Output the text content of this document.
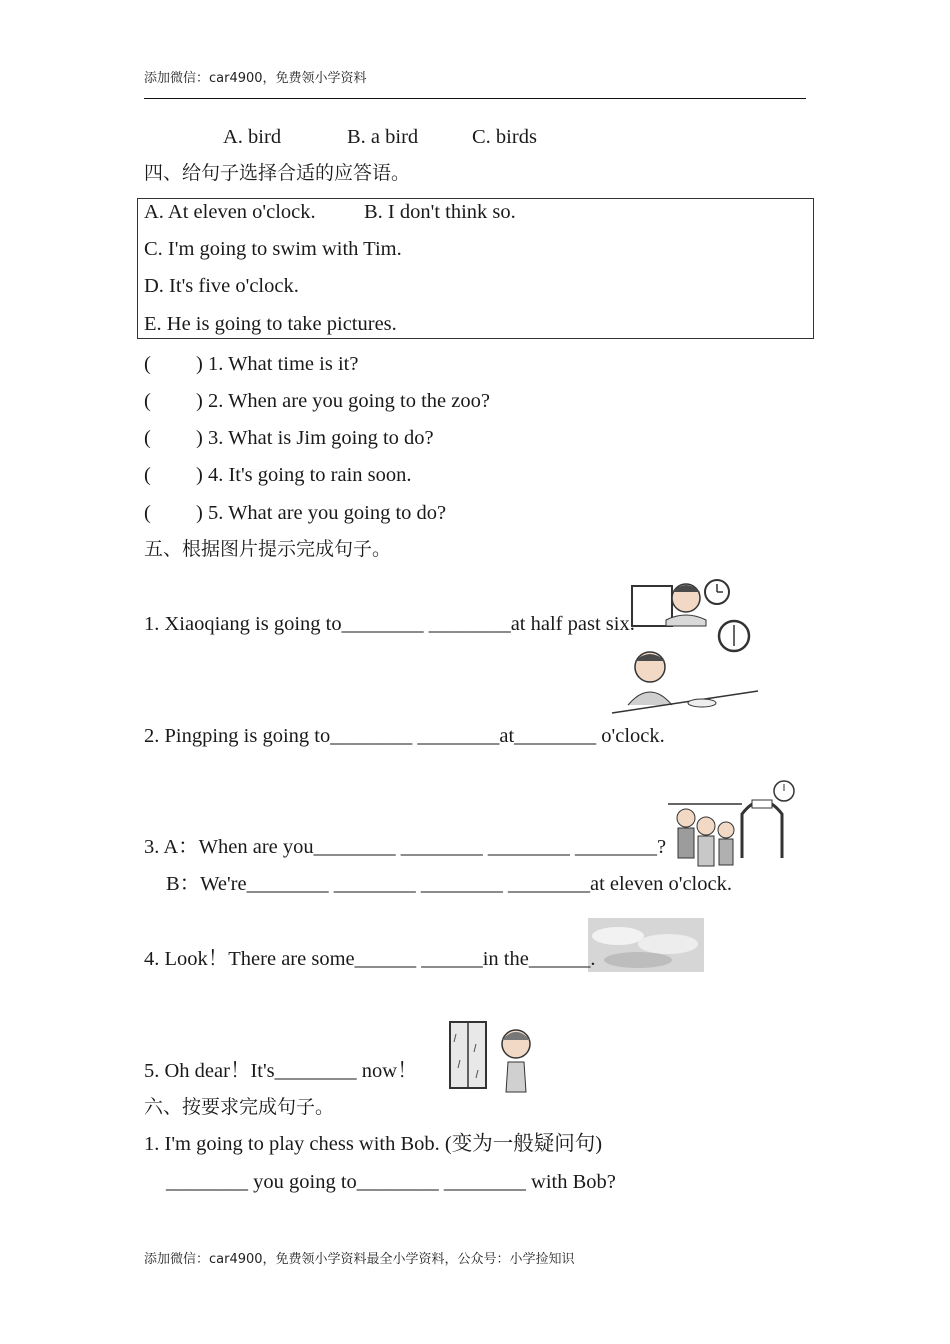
添加微信：car4900，免费领小学资料
A. bird	B. a bird	C. birds
四、给句子选择合适的应答语。
A. At eleven o'clock. B. I don't think so.
C. I'm going to swim with Tim.
D. It's five o'clock.
E. He is going to take pictures.
( ) 1. What time is it?
( ) 2. When are you going to the zoo?
( ) 3. What is Jim going to do?
( ) 4. It's going to rain soon.
( ) 5. What are you going to do?
五、根据图片提示完成句子。
1. Xiaoqiang is going to________ ________at half past six.
2. Pingping is going to________ ________at________ o'clock.
3. A：When are you________ ________ ________ ________?
B：We're________ ________ ________ ________at eleven o'clock.
4. Look！There are some______ ______in the______.
5. Oh dear！It's________ now！
六、按要求完成句子。
1. I'm going to play chess with Bob. (变为一般疑问句)
________ you going to________ ________ with Bob?
添加微信：car4900，免费领小学资料最全小学资料，公众号：小学捡知识
